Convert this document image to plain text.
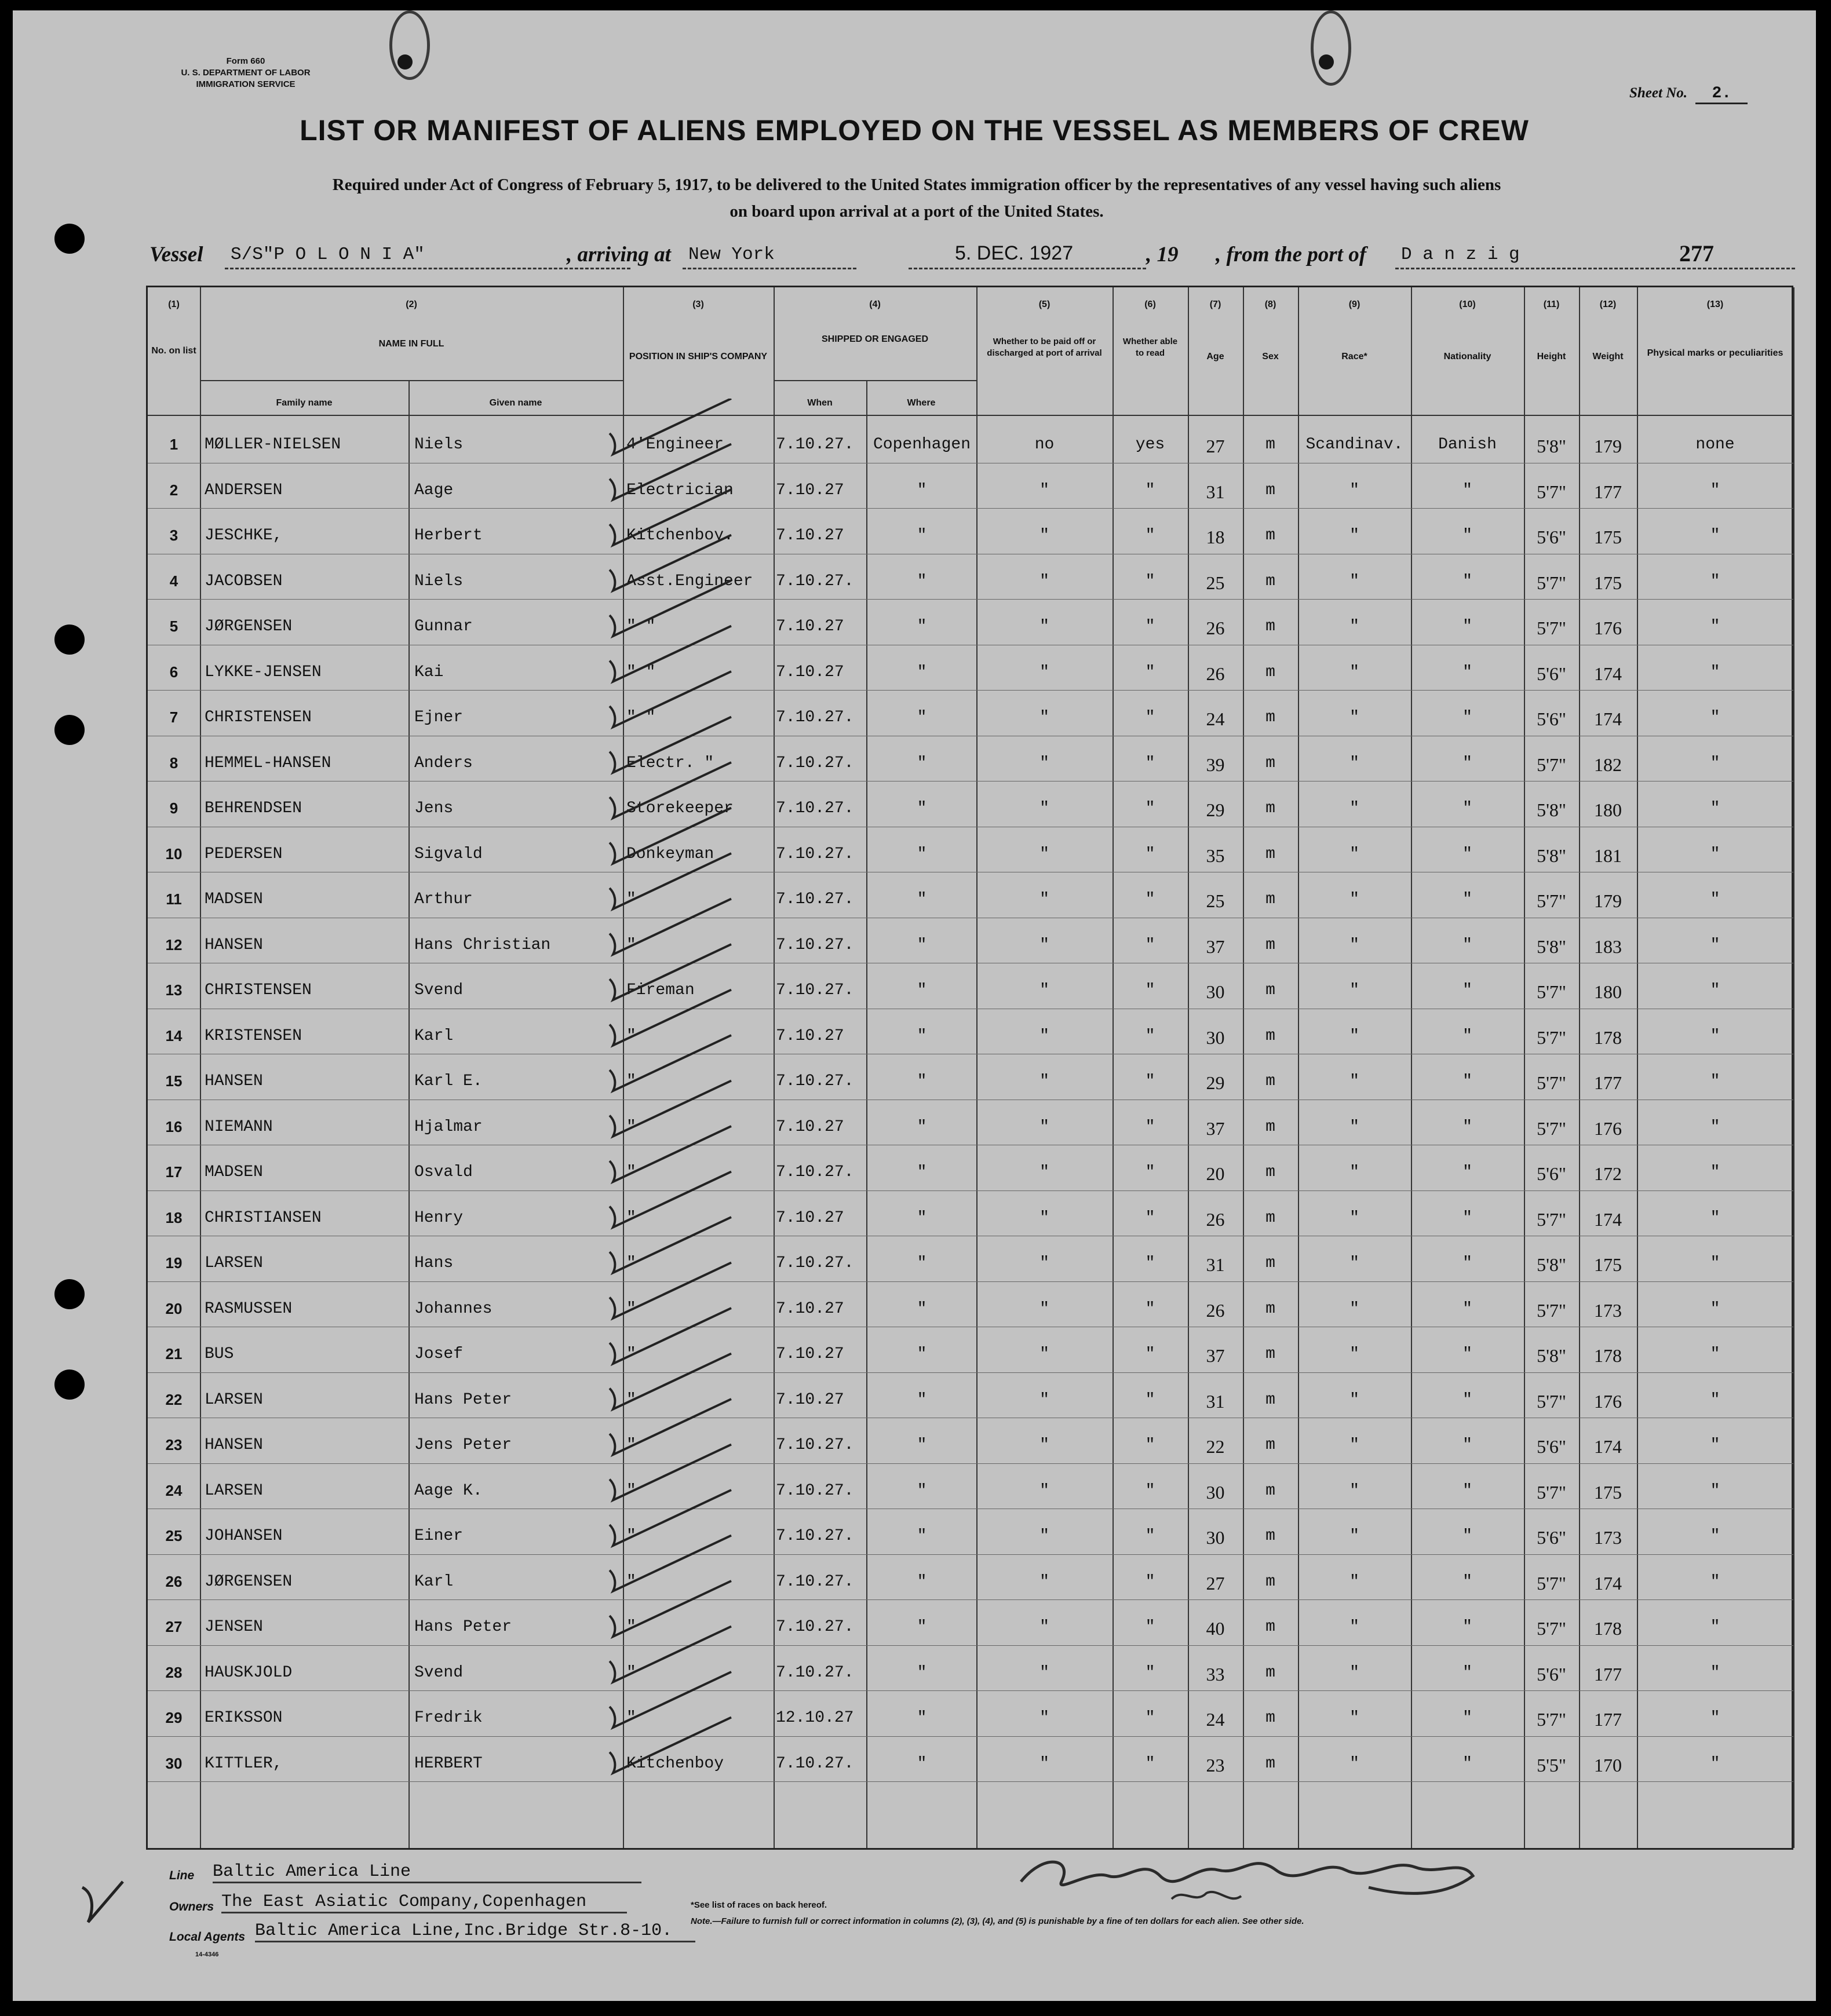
Form 660
U. S. DEPARTMENT OF LABOR
IMMIGRATION SERVICE
Sheet No. 2.
LIST OR MANIFEST OF ALIENS EMPLOYED ON THE VESSEL AS MEMBERS OF CREW
Required under Act of Congress of February 5, 1917, to be delivered to the United States immigration officer by the representatives of any vessel having such aliens
on board upon arrival at a port of the United States.
Vessel S/S"P O L O N I A"	, arriving at New York	5. DEC. 1927	, 19 , from the port of D a n z i g	277
(1)
No. on list
(2)
NAME IN FULL
Family name	Given name
(3)
POSITION IN SHIP'S COMPANY
(4)
SHIPPED OR ENGAGED
When	Where
(5)
Whether to be paid off or discharged at port of arrival
(6)
Whether able to read
(7)
Age
(8)
Sex
(9)
Race*
(10)
Nationality
(11)
Height
(12)
Weight
(13)
Physical marks or peculiarities
1	MØLLER-NIELSEN	Niels	4'Engineer	7.10.27. Copenhagen	no	yes	27	m	Scandinav.	Danish	5'8"	179	none
2	ANDERSEN	Aage	Electrician	7.10.27	"	"	"	31	m	"	"	5'7"	177	"
3	JESCHKE,	Herbert	Kitchenboy.	7.10.27	"	"	"	18	m	"	"	5'6"	175	"
4	JACOBSEN	Niels	Asst.Engineer 7.10.27.	"	"	"	25	m	"	"	5'7"	175	"
5	JØRGENSEN	Gunnar	" "	7.10.27	"	"	"	26	m	"	"	5'7"	176	"
6	LYKKE-JENSEN	Kai	" "	7.10.27	"	"	"	26	m	"	"	5'6"	174	"
7	CHRISTENSEN	Ejner	" "	7.10.27.	"	"	"	24	m	"	"	5'6"	174	"
8	HEMMEL-HANSEN	Anders	Electr. "	7.10.27.	"	"	"	39	m	"	"	5'7"	182	"
9	BEHRENDSEN	Jens	Storekeeper	7.10.27.	"	"	"	29	m	"	"	5'8"	180	"
10	PEDERSEN	Sigvald	Donkeyman	7.10.27.	"	"	"	35	m	"	"	5'8"	181	"
11	MADSEN	Arthur	"	7.10.27.	"	"	"	25	m	"	"	5'7"	179	"
12	HANSEN	Hans Christian	"	7.10.27.	"	"	"	37	m	"	"	5'8"	183	"
13	CHRISTENSEN	Svend	Fireman	7.10.27.	"	"	"	30	m	"	"	5'7"	180	"
14	KRISTENSEN	Karl	"	7.10.27	"	"	"	30	m	"	"	5'7"	178	"
15	HANSEN	Karl E.	"	7.10.27.	"	"	"	29	m	"	"	5'7"	177	"
16	NIEMANN	Hjalmar	"	7.10.27	"	"	"	37	m	"	"	5'7"	176	"
17	MADSEN	Osvald	"	7.10.27.	"	"	"	20	m	"	"	5'6"	172	"
18	CHRISTIANSEN	Henry	"	7.10.27	"	"	"	26	m	"	"	5'7"	174	"
19	LARSEN	Hans	"	7.10.27.	"	"	"	31	m	"	"	5'8"	175	"
20	RASMUSSEN	Johannes	"	7.10.27	"	"	"	26	m	"	"	5'7"	173	"
21	BUS	Josef	"	7.10.27	"	"	"	37	m	"	"	5'8"	178	"
22	LARSEN	Hans Peter	"	7.10.27	"	"	"	31	m	"	"	5'7"	176	"
23	HANSEN	Jens Peter	"	7.10.27.	"	"	"	22	m	"	"	5'6"	174	"
24	LARSEN	Aage K.	"	7.10.27.	"	"	"	30	m	"	"	5'7"	175	"
25	JOHANSEN	Einer	"	7.10.27.	"	"	"	30	m	"	"	5'6"	173	"
26	JØRGENSEN	Karl	"	7.10.27.	"	"	"	27	m	"	"	5'7"	174	"
27	JENSEN	Hans Peter	"	7.10.27.	"	"	"	40	m	"	"	5'7"	178	"
28	HAUSKJOLD	Svend	"	7.10.27.	"	"	"	33	m	"	"	5'6"	177	"
29	ERIKSSON	Fredrik	"	12.10.27	"	"	"	24	m	"	"	5'7"	177	"
30	KITTLER,	HERBERT	Kitchenboy	7.10.27.	"	"	"	23	m	"	"	5'5"	170	"
Line Baltic America Line
Owners The East Asiatic Company,Copenhagen
Local Agents Baltic America Line,Inc.Bridge Str.8-10.
14-4346
*See list of races on back hereof.
Note.—Failure to furnish full or correct information in columns (2), (3), (4), and (5) is punishable by a fine of ten dollars for each alien. See other side.
